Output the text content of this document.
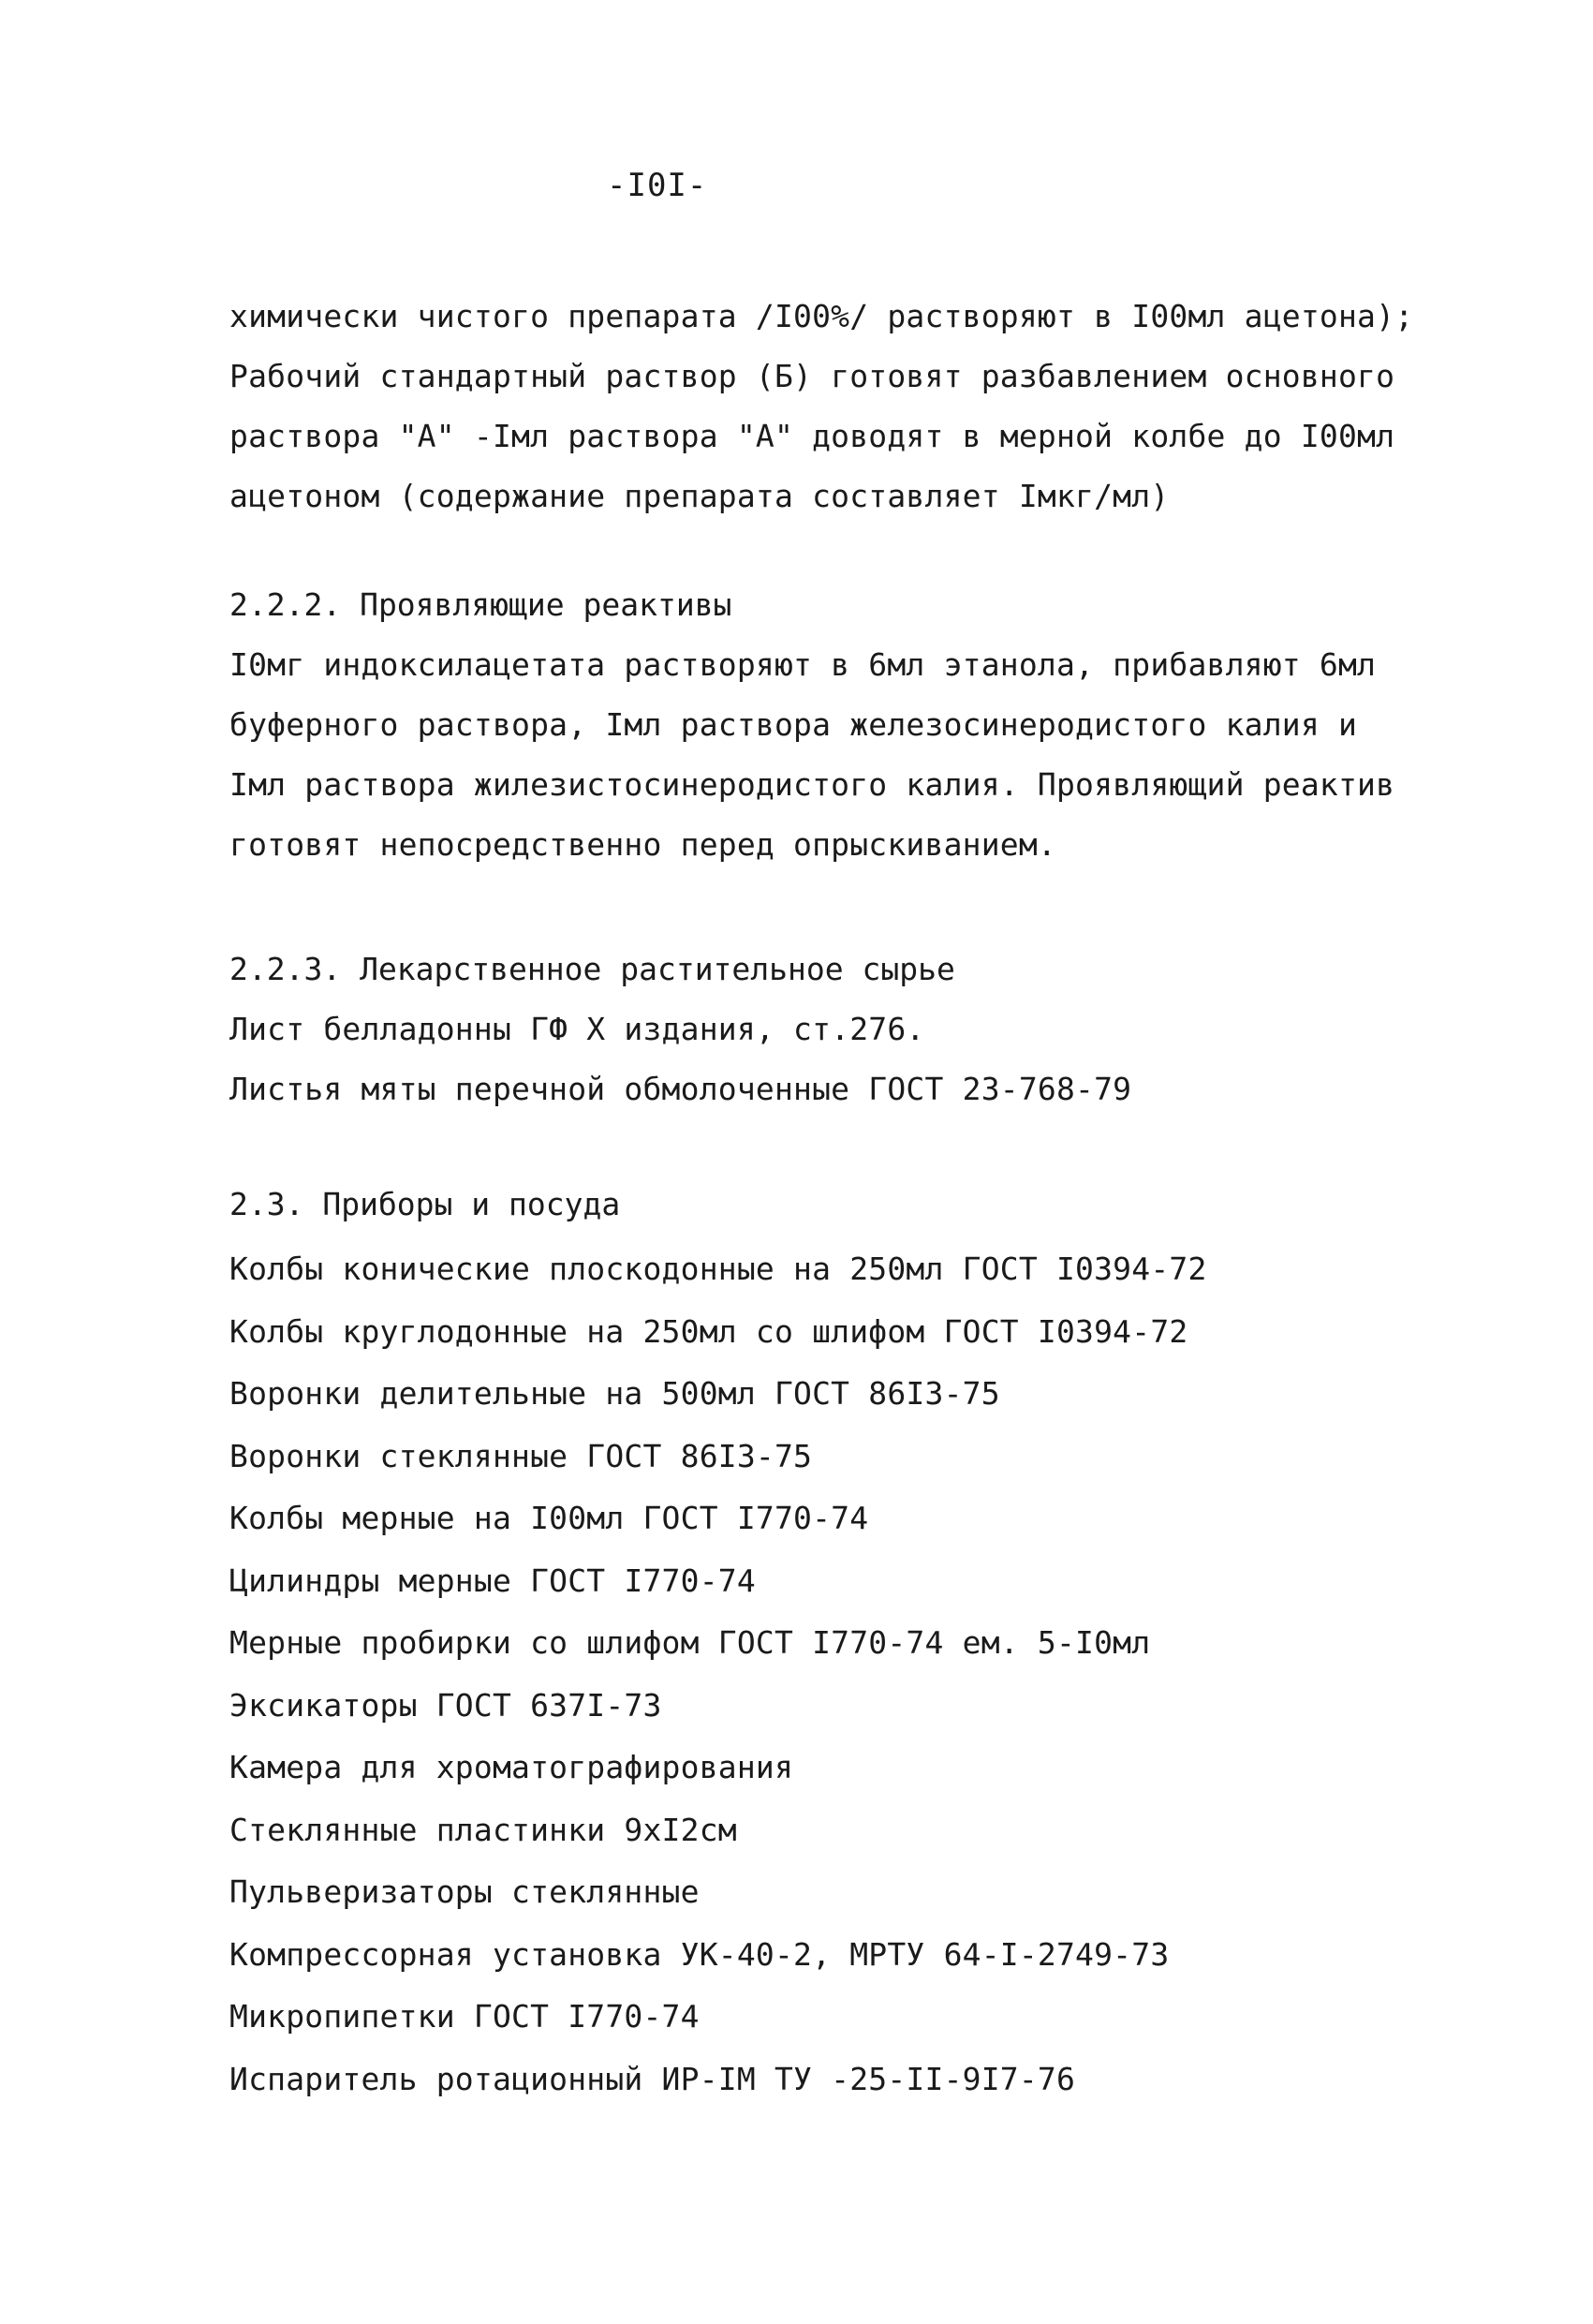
-I0I-
химически чистого препарата /I00%/ растворяют в I00мл ацетона);
Рабочий стандартный раствор (Б) готовят разбавлением основного
раствора "А" -Iмл раствора "А" доводят в мерной колбе до I00мл
ацетоном (содержание препарата составляет Iмкг/мл)
2.2.2. Проявляющие реактивы
I0мг индоксилацетата растворяют в 6мл этанола, прибавляют 6мл
буферного раствора, Iмл раствора железосинеродистого калия и
Iмл раствора жилезистосинеродистого калия. Проявляющий реактив
готовят непосредственно перед опрыскиванием.
2.2.3. Лекарственное растительное сырье
Лист белладонны ГФ X издания, ст.276.
Листья мяты перечной обмолоченные ГОСТ 23-768-79
2.3. Приборы и посуда
Колбы конические плоскодонные на 250мл ГОСТ I0394-72
Колбы круглодонные на 250мл со шлифом ГОСТ I0394-72
Воронки делительные на 500мл ГОСТ 86I3-75
Воронки стеклянные ГОСТ 86I3-75
Колбы мерные на I00мл ГОСТ I770-74
Цилиндры мерные ГОСТ I770-74
Мерные пробирки со шлифом ГОСТ I770-74 ем. 5-I0мл
Эксикаторы ГОСТ 637I-73
Камера для хроматографирования
Стеклянные пластинки 9хI2см
Пульверизаторы стеклянные
Компрессорная установка УК-40-2, МРТУ 64-I-2749-73
Микропипетки ГОСТ I770-74
Испаритель ротационный ИР-IМ ТУ -25-II-9I7-76
